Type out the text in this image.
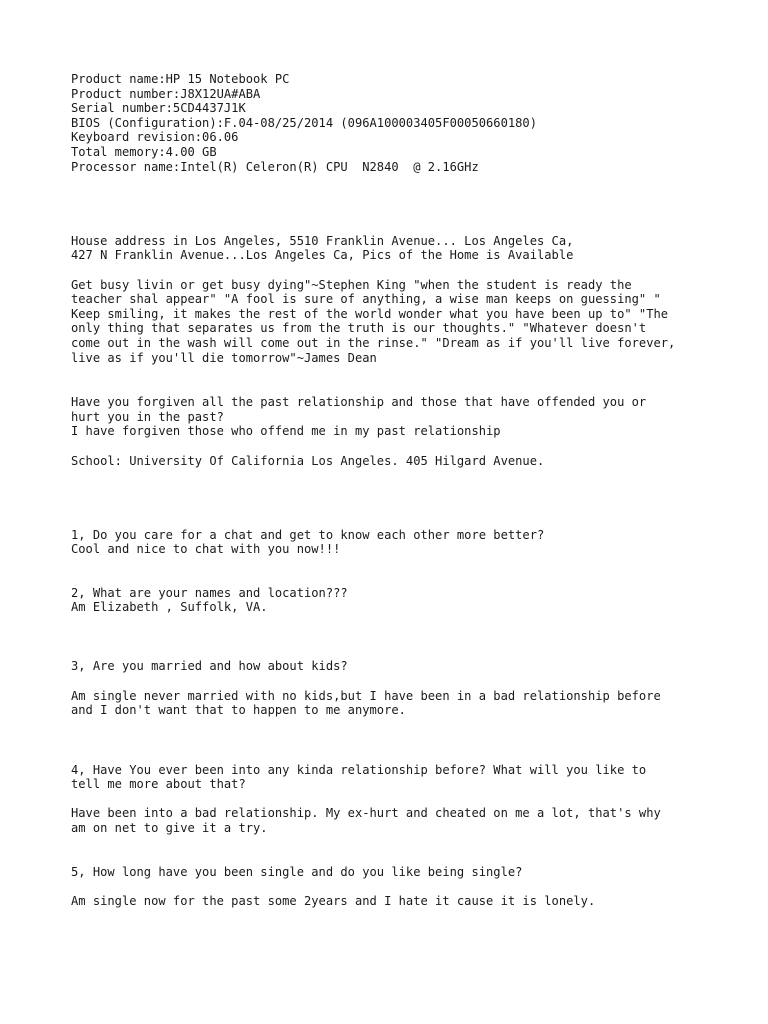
Product name:HP 15 Notebook PC
Product number:J8X12UA#ABA
Serial number:5CD4437J1K
BIOS (Configuration):F.04-08/25/2014 (096A100003405F00050660180)
Keyboard revision:06.06
Total memory:4.00 GB
Processor name:Intel(R) Celeron(R) CPU  N2840  @ 2.16GHz
House address in Los Angeles, 5510 Franklin Avenue... Los Angeles Ca,
427 N Franklin Avenue...Los Angeles Ca, Pics of the Home is Available
Get busy livin or get busy dying"~Stephen King "when the student is ready the
teacher shal appear" "A fool is sure of anything, a wise man keeps on guessing" "
Keep smiling, it makes the rest of the world wonder what you have been up to" "The
only thing that separates us from the truth is our thoughts." "Whatever doesn't
come out in the wash will come out in the rinse." "Dream as if you'll live forever,
live as if you'll die tomorrow"~James Dean
Have you forgiven all the past relationship and those that have offended you or
hurt you in the past?
I have forgiven those who offend me in my past relationship
School: University Of California Los Angeles. 405 Hilgard Avenue.
1, Do you care for a chat and get to know each other more better?
Cool and nice to chat with you now!!!
2, What are your names and location???
Am Elizabeth , Suffolk, VA.
3, Are you married and how about kids?
Am single never married with no kids,but I have been in a bad relationship before
and I don't want that to happen to me anymore.
4, Have You ever been into any kinda relationship before? What will you like to
tell me more about that?
Have been into a bad relationship. My ex-hurt and cheated on me a lot, that's why
am on net to give it a try.
5, How long have you been single and do you like being single?
Am single now for the past some 2years and I hate it cause it is lonely.
